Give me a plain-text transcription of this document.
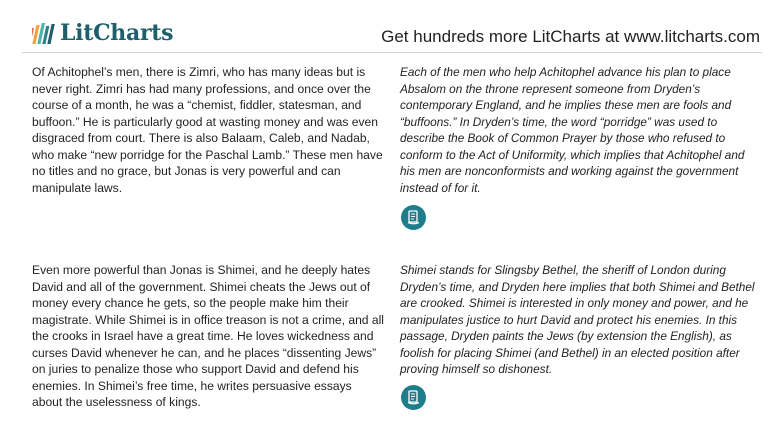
LitCharts	Get hundreds more LitCharts at www.litcharts.com

Of Achitophel’s men, there is Zimri, who has many ideas but is never right. Zimri has had many professions, and once over the course of a month, he was a “chemist, fiddler, statesman, and buffoon.” He is particularly good at wasting money and was even disgraced from court. There is also Balaam, Caleb, and Nadab, who make “new porridge for the Paschal Lamb.” These men have no titles and no grace, but Jonas is very powerful and can manipulate laws.

Each of the men who help Achitophel advance his plan to place Absalom on the throne represent someone from Dryden’s contemporary England, and he implies these men are fools and “buffoons.” In Dryden’s time, the word “porridge” was used to describe the Book of Common Prayer by those who refused to conform to the Act of Uniformity, which implies that Achitophel and his men are nonconformists and working against the government instead of for it.

Even more powerful than Jonas is Shimei, and he deeply hates David and all of the government. Shimei cheats the Jews out of money every chance he gets, so the people make him their magistrate. While Shimei is in office treason is not a crime, and all the crooks in Israel have a great time. He loves wickedness and curses David whenever he can, and he places “dissenting Jews” on juries to penalize those who support David and defend his enemies. In Shimei’s free time, he writes persuasive essays about the uselessness of kings.

Shimei stands for Slingsby Bethel, the sheriff of London during Dryden’s time, and Dryden here implies that both Shimei and Bethel are crooked. Shimei is interested in only money and power, and he manipulates justice to hurt David and protect his enemies. In this passage, Dryden paints the Jews (by extension the English), as foolish for placing Shimei (and Bethel) in an elected position after proving himself so dishonest.
